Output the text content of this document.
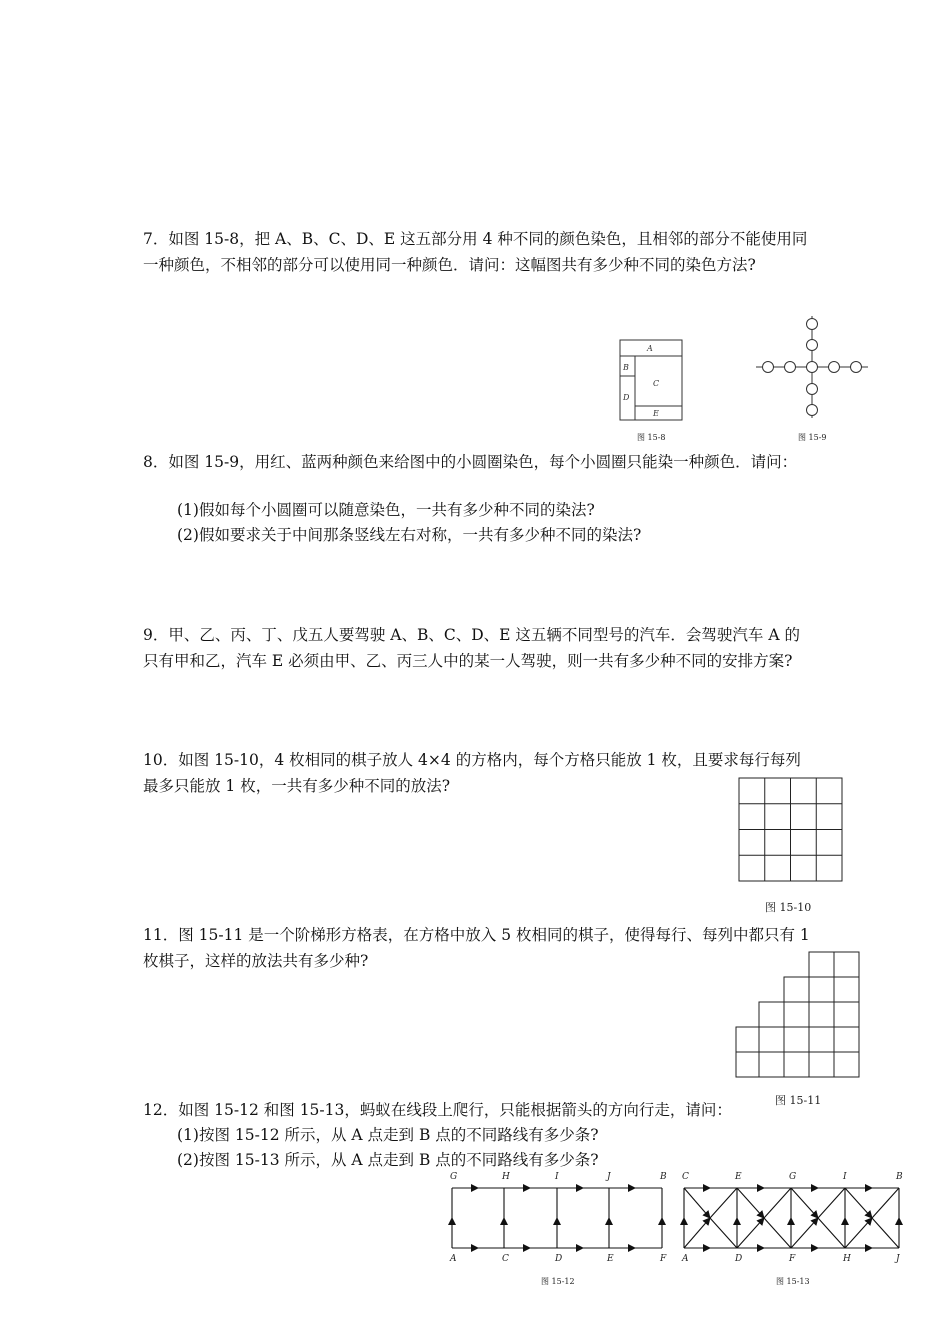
7．如图 15-8，把 A、B、C、D、E 这五部分用 4 种不同的颜色染色，且相邻的部分不能使用同一种颜色，不相邻的部分可以使用同一种颜色．请问：这幅图共有多少种不同的染色方法?

A
B
C
D
E
图 15-8	图 15-9

8．如图 15-9，用红、蓝两种颜色来给图中的小圆圈染色，每个小圆圈只能染一种颜色．请问：

(1)假如每个小圆圈可以随意染色，一共有多少种不同的染法?

(2)假如要求关于中间那条竖线左右对称，一共有多少种不同的染法?

9．甲、乙、丙、丁、戊五人要驾驶 A、B、C、D、E 这五辆不同型号的汽车．会驾驶汽车 A 的只有甲和乙，汽车 E 必须由甲、乙、丙三人中的某一人驾驶，则一共有多少种不同的安排方案?

10．如图 15-10，4 枚相同的棋子放人 4×4 的方格内，每个方格只能放 1 枚，且要求每行每列最多只能放 1 枚，一共有多少种不同的放法?

图 15-10

11．图 15-11 是一个阶梯形方格表，在方格中放入 5 枚相同的棋子，使得每行、每列中都只有 1 枚棋子，这样的放法共有多少种?

图 15-11

12．如图 15-12 和图 15-13，蚂蚁在线段上爬行，只能根据箭头的方向行走，请问：

(1)按图 15-12 所示，从 A 点走到 B 点的不同路线有多少条?

(2)按图 15-13 所示，从 A 点走到 B 点的不同路线有多少条?

G	H	I	J	B
A	C	D	E	F
图 15-12
C	E	G	I	B
A	D	F	H	J
图 15-13
